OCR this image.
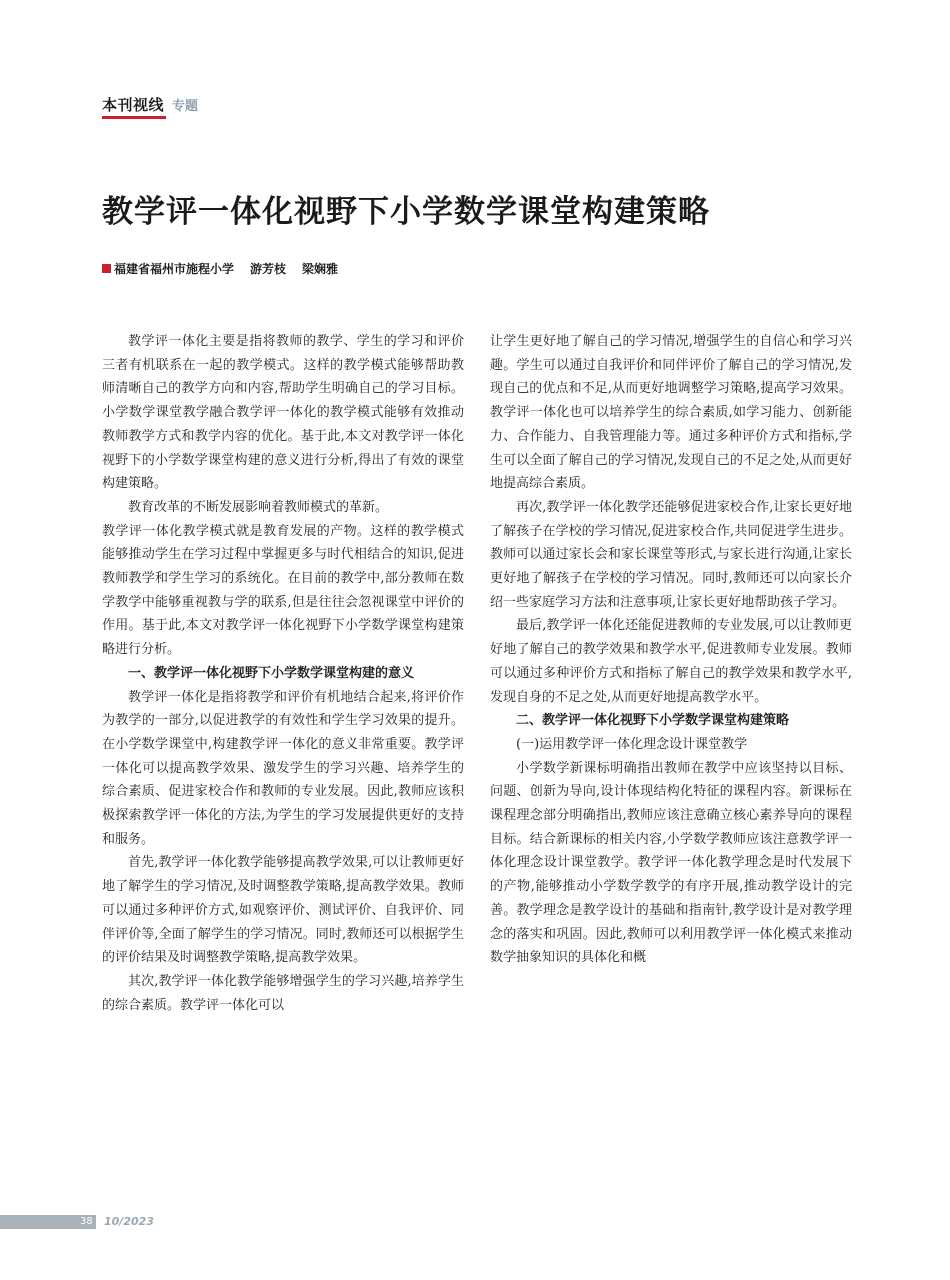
本刊视线 专题
教学评一体化视野下小学数学课堂构建策略
福建省福州市施程小学 游芳枝 梁娴雅

教学评一体化主要是指将教师的教学、学生的学习和评价三者有机联系在一起的教学模式。这样的教学模式能够帮助教师清晰自己的教学方向和内容,帮助学生明确自己的学习目标。小学数学课堂教学融合教学评一体化的教学模式能够有效推动教师教学方式和教学内容的优化。基于此,本文对教学评一体化视野下的小学数学课堂构建的意义进行分析,得出了有效的课堂构建策略。

教育改革的不断发展影响着教师模式的革新。

教学评一体化教学模式就是教育发展的产物。这样的教学模式能够推动学生在学习过程中掌握更多与时代相结合的知识,促进教师教学和学生学习的系统化。在目前的教学中,部分教师在数学教学中能够重视教与学的联系,但是往往会忽视课堂中评价的作用。基于此,本文对教学评一体化视野下小学数学课堂构建策略进行分析。

一、教学评一体化视野下小学数学课堂构建的意义

教学评一体化是指将教学和评价有机地结合起来,将评价作为教学的一部分,以促进教学的有效性和学生学习效果的提升。在小学数学课堂中,构建教学评一体化的意义非常重要。教学评一体化可以提高教学效果、激发学生的学习兴趣、培养学生的综合素质、促进家校合作和教师的专业发展。因此,教师应该积极探索教学评一体化的方法,为学生的学习发展提供更好的支持和服务。

首先,教学评一体化教学能够提高教学效果,可以让教师更好地了解学生的学习情况,及时调整教学策略,提高教学效果。教师可以通过多种评价方式,如观察评价、测试评价、自我评价、同伴评价等,全面了解学生的学习情况。同时,教师还可以根据学生的评价结果及时调整教学策略,提高教学效果。

其次,教学评一体化教学能够增强学生的学习兴趣,培养学生的综合素质。教学评一体化可以

让学生更好地了解自己的学习情况,增强学生的自信心和学习兴趣。学生可以通过自我评价和同伴评价了解自己的学习情况,发现自己的优点和不足,从而更好地调整学习策略,提高学习效果。教学评一体化也可以培养学生的综合素质,如学习能力、创新能力、合作能力、自我管理能力等。通过多种评价方式和指标,学生可以全面了解自己的学习情况,发现自己的不足之处,从而更好地提高综合素质。

再次,教学评一体化教学还能够促进家校合作,让家长更好地了解孩子在学校的学习情况,促进家校合作,共同促进学生进步。教师可以通过家长会和家长课堂等形式,与家长进行沟通,让家长更好地了解孩子在学校的学习情况。同时,教师还可以向家长介绍一些家庭学习方法和注意事项,让家长更好地帮助孩子学习。

最后,教学评一体化还能促进教师的专业发展,可以让教师更好地了解自己的教学效果和教学水平,促进教师专业发展。教师可以通过多种评价方式和指标了解自己的教学效果和教学水平,发现自身的不足之处,从而更好地提高教学水平。

二、教学评一体化视野下小学数学课堂构建策略
(一)运用教学评一体化理念设计课堂教学

小学数学新课标明确指出教师在教学中应该坚持以目标、问题、创新为导向,设计体现结构化特征的课程内容。新课标在课程理念部分明确指出,教师应该注意确立核心素养导向的课程目标。结合新课标的相关内容,小学数学教师应该注意教学评一体化理念设计课堂教学。教学评一体化教学理念是时代发展下的产物,能够推动小学数学教学的有序开展,推动教学设计的完善。教学理念是教学设计的基础和指南针,教学设计是对教学理念的落实和巩固。因此,教师可以利用教学评一体化模式来推动数学抽象知识的具体化和概

38 10/2023
